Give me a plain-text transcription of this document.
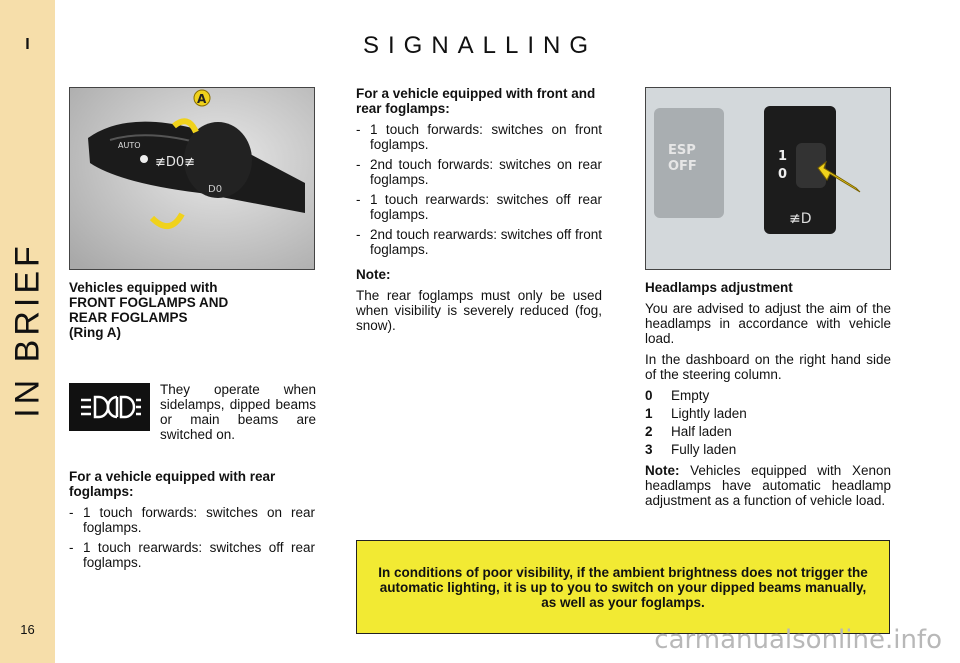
I
IN BRIEF
16
SIGNALLING
AUTO
≢D0≢
D0
A
ESP
OFF
1
0
≢D
Vehicles equipped with
FRONT FOGLAMPS AND
REAR FOGLAMPS
(Ring A)
They operate when sidelamps, dipped beams or main beams are switched on.
For a vehicle equipped with rear foglamps:
- 1 touch forwards: switches on rear foglamps.
- 1 touch rearwards: switches off rear foglamps.
For a vehicle equipped with front and rear foglamps:
- 1 touch forwards: switches on front foglamps.
- 2nd touch forwards: switches on rear foglamps.
- 1 touch rearwards: switches off rear foglamps.
- 2nd touch rearwards: switches off front foglamps.
Note:

The rear foglamps must only be used when visibility is severely reduced (fog, snow).

Headlamps adjustment

You are advised to adjust the aim of the headlamps in accordance with vehicle load.

In the dashboard on the right hand side of the steering column.

0	Empty
1	Lightly laden
2	Half laden
3	Fully laden

Note: Vehicles equipped with Xenon headlamps have automatic headlamp adjustment as a function of vehicle load.

In conditions of poor visibility, if the ambient brightness does not trigger the automatic lighting, it is up to you to switch on your dipped beams manually, as well as your foglamps.
carmanualsonline.info
